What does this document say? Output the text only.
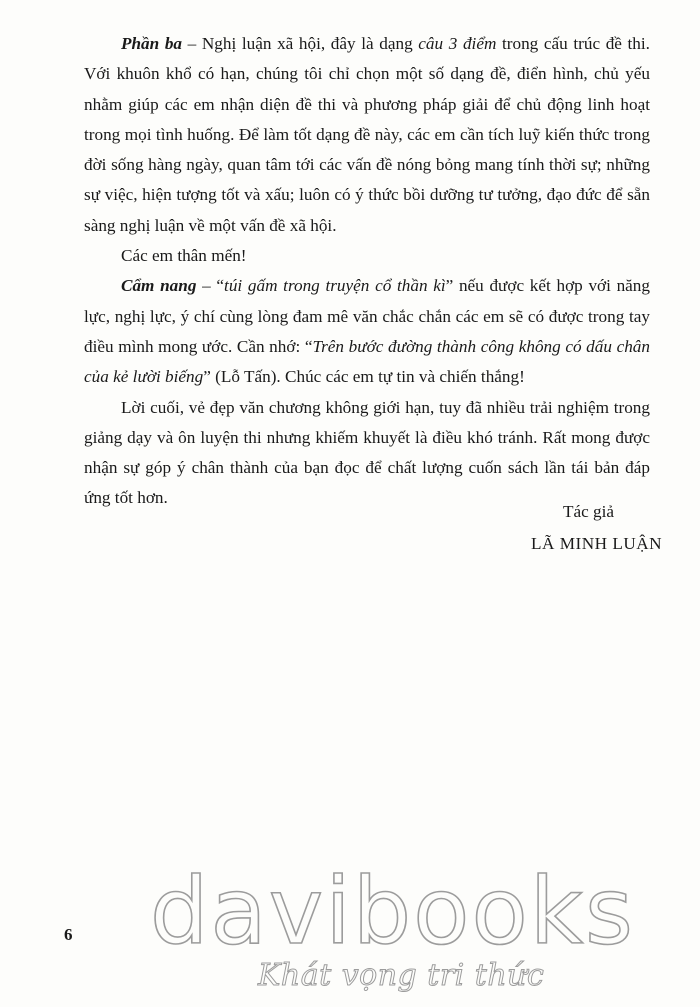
Phần ba – Nghị luận xã hội, đây là dạng câu 3 điểm trong cấu trúc đề thi. Với khuôn khổ có hạn, chúng tôi chỉ chọn một số dạng đề, điển hình, chủ yếu nhằm giúp các em nhận diện đề thi và phương pháp giải để chủ động linh hoạt trong mọi tình huống. Để làm tốt dạng đề này, các em cần tích luỹ kiến thức trong đời sống hàng ngày, quan tâm tới các vấn đề nóng bỏng mang tính thời sự; những sự việc, hiện tượng tốt và xấu; luôn có ý thức bồi dưỡng tư tưởng, đạo đức để sẵn sàng nghị luận về một vấn đề xã hội.

Các em thân mến!

Cẩm nang – “túi gấm trong truyện cổ thần kì” nếu được kết hợp với năng lực, nghị lực, ý chí cùng lòng đam mê văn chắc chắn các em sẽ có được trong tay điều mình mong ước. Cần nhớ: “Trên bước đường thành công không có dấu chân của kẻ lười biếng” (Lỗ Tấn). Chúc các em tự tin và chiến thắng!

Lời cuối, vẻ đẹp văn chương không giới hạn, tuy đã nhiều trải nghiệm trong giảng dạy và ôn luyện thi nhưng khiếm khuyết là điều khó tránh. Rất mong được nhận sự góp ý chân thành của bạn đọc để chất lượng cuốn sách lần tái bản đáp ứng tốt hơn.

Tác giả
LÃ MINH LUẬN
6 davibooks
Khát vọng tri thức
